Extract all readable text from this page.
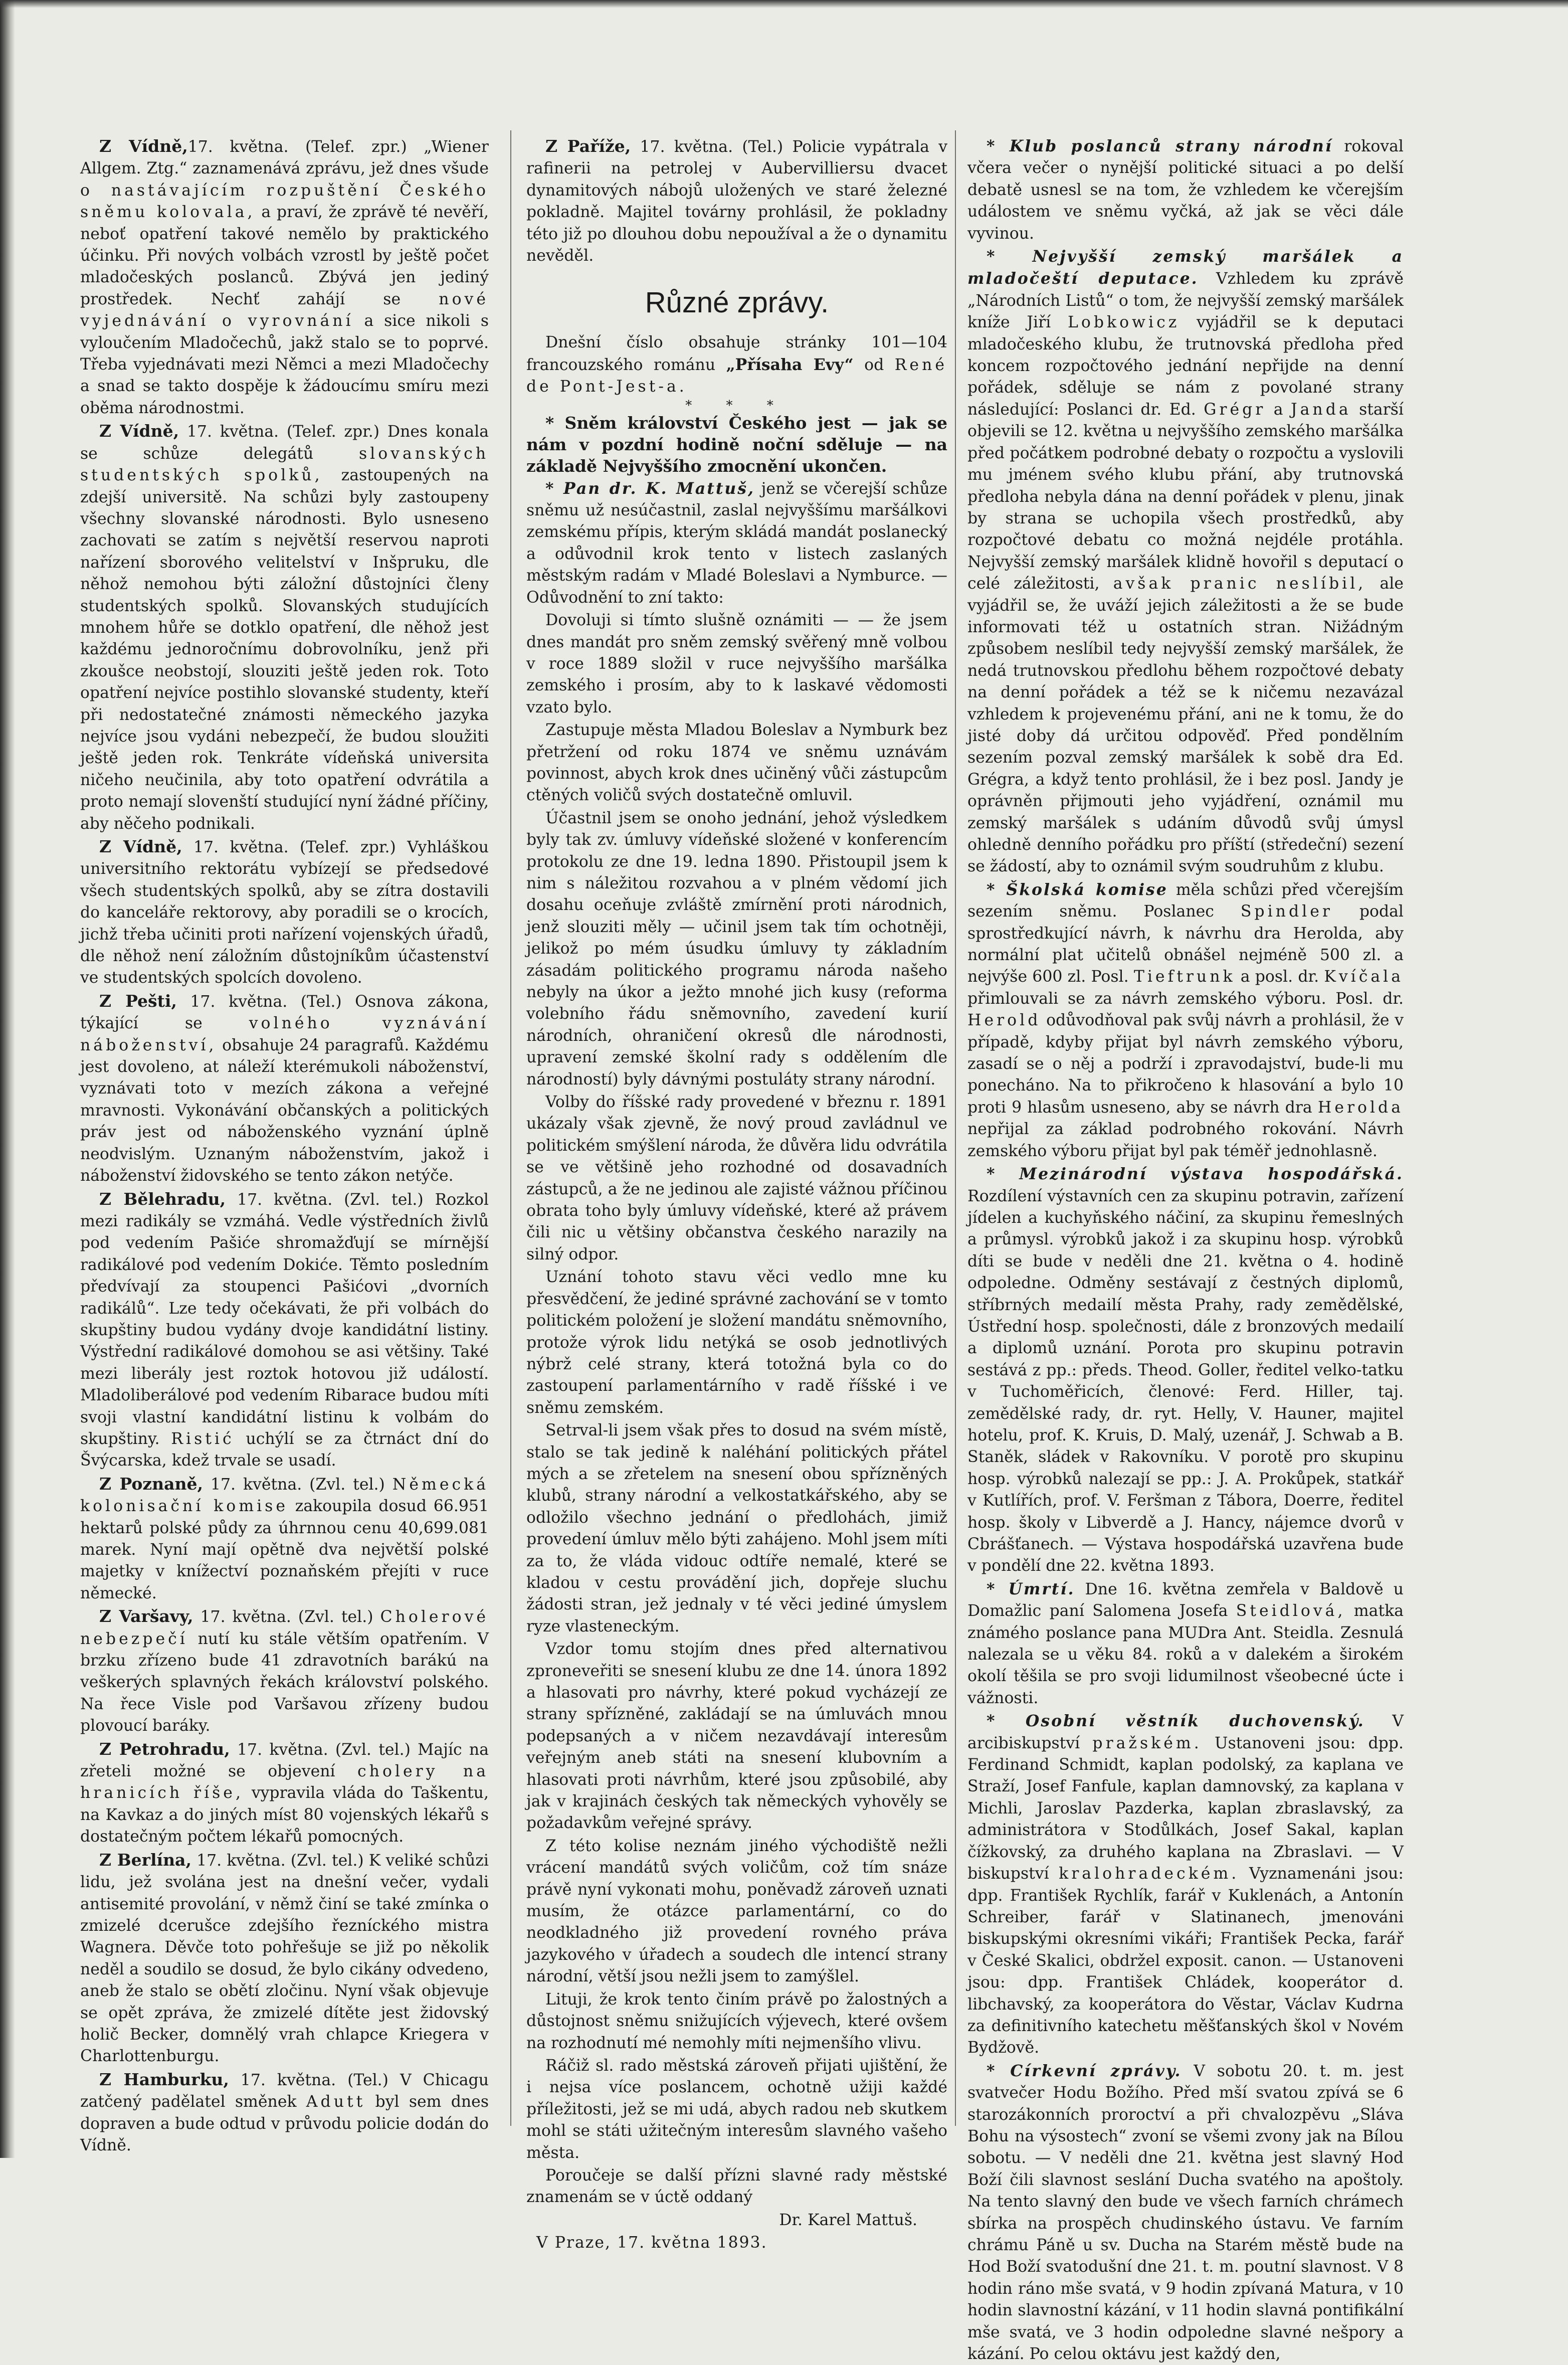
Z Vídně,17. května. (Telef. zpr.) „Wiener Allgem. Ztg.“ zaznamenává zprávu, jež dnes všude o nastávajícím rozpuštění Českého sněmu kolovala, a praví, že zprávě té nevěří, neboť opatření takové nemělo by praktického účinku. Při nových volbách vzrostl by ještě počet mladočeských poslanců. Zbývá jen jediný prostředek. Nechť zahájí se nové vyjednávání o vyrovnání a sice nikoli s vyloučením Mladočechů, jakž stalo se to poprvé. Třeba vyjednávati mezi Němci a mezi Mladočechy a snad se takto dospěje k žádoucímu smíru mezi oběma národnostmi.

Z Vídně, 17. května. (Telef. zpr.) Dnes konala se schůze delegátů slovanských studentských spolků, zastoupených na zdejší universitě. Na schůzi byly zastoupeny všechny slovanské národnosti. Bylo usneseno zachovati se zatím s největší reservou naproti nařízení sborového velitelství v Inšpruku, dle něhož nemohou býti záložní důstojníci členy studentských spolků. Slovanských studujících mnohem hůře se dotklo opatření, dle něhož jest každému jednoročnímu dobrovolníku, jenž při zkoušce neobstojí, slouziti ještě jeden rok. Toto opatření nejvíce postihlo slovanské studenty, kteří při nedostatečné známosti německého jazyka nejvíce jsou vydáni nebezpečí, že budou sloužiti ještě jeden rok. Tenkráte vídeňská universita ničeho neučinila, aby toto opatření odvrátila a proto nemají slovenští studující nyní žádné příčiny, aby něčeho podnikali.

Z Vídně, 17. května. (Telef. zpr.) Vyhláškou universitního rektorátu vybízejí se předsedové všech studentských spolků, aby se zítra dostavili do kanceláře rektorovy, aby poradili se o krocích, jichž třeba učiniti proti nařízení vojenských úřadů, dle něhož není záložním důstojníkům účastenství ve studentských spolcích dovoleno.

Z Pešti, 17. května. (Tel.) Osnova zákona, týkající se volného vyznávání náboženství, obsahuje 24 paragrafů. Každému jest dovoleno, at náleží kterémukoli náboženství, vyznávati toto v mezích zákona a veřejné mravnosti. Vykonávání občanských a politických práv jest od náboženského vyznání úplně neodvislým. Uznaným náboženstvím, jakož i náboženství židovského se tento zákon netýče.

Z Bělehradu, 17. května. (Zvl. tel.) Rozkol mezi radikály se vzmáhá. Vedle výstředních živlů pod vedením Pašiće shromažďují se mírnější radikálové pod vedením Dokiće. Těmto posledním předvívají za stoupenci Pašićovi „dvorních radikálů“. Lze tedy očekávati, že při volbách do skupštiny budou vydány dvoje kandidátní listiny. Výstřední radikálové domohou se asi většiny. Také mezi liberály jest roztok hotovou již událostí. Mladoliberálové pod vedením Ribarace budou míti svoji vlastní kandidátní listinu k volbám do skupštiny. Ristić uchýlí se za čtrnáct dní do Švýcarska, kdež trvale se usadí.

Z Poznaně, 17. května. (Zvl. tel.) Německá kolonisační komise zakoupila dosud 66.951 hektarů polské půdy za úhrnnou cenu 40,699.081 marek. Nyní mají opětně dva největší polské majetky v knížectví poznaňském přejíti v ruce německé.

Z Varšavy, 17. května. (Zvl. tel.) Cholerové nebezpečí nutí ku stále větším opatřením. V brzku zřízeno bude 41 zdravotních barákú na veškerých splavných řekách království polského. Na řece Visle pod Varšavou zřízeny budou plovoucí baráky.

Z Petrohradu, 17. května. (Zvl. tel.) Majíc na zřeteli možné se objevení cholery na hranicích říše, vypravila vláda do Taškentu, na Kavkaz a do jiných míst 80 vojenských lékařů s dostatečným počtem lékařů pomocných.

Z Berlína, 17. května. (Zvl. tel.) K veliké schůzi lidu, jež svolána jest na dnešní večer, vydali antisemité provolání, v němž činí se také zmínka o zmizelé dcerušce zdejšího řezníckého mistra Wagnera. Děvče toto pohřešuje se již po několik neděl a soudilo se dosud, že bylo cikány odvedeno, aneb že stalo se obětí zločinu. Nyní však objevuje se opět zpráva, že zmizelé dítěte jest židovský holič Becker, domnělý vrah chlapce Kriegera v Charlottenburgu.

Z Hamburku, 17. května. (Tel.) V Chicagu zatčený padělatel směnek Adutt byl sem dnes dopraven a bude odtud v průvodu policie dodán do Vídně.

Z Paříže, 17. května. (Tel.) Policie vypátrala v rafinerii na petrolej v Aubervilliersu dvacet dynamitových nábojů uložených ve staré železné pokladně. Majitel továrny prohlásil, že pokladny této již po dlouhou dobu nepoužíval a že o dynamitu nevěděl.

Různé zprávy.

Dnešní číslo obsahuje stránky 101—104 francouzského románu „Přísaha Evy“ od René de Pont-Jest-a.

* * *

* Sněm království Českého jest — jak se nám v pozdní hodině noční sděluje — na základě Nejvyššího zmocnění ukončen.

* Pan dr. K. Mattuš, jenž se včerejší schůze sněmu už nesúčastnil, zaslal nejvyššímu maršálkovi zemskému přípis, kterým skládá mandát poslanecký a odůvodnil krok tento v listech zaslaných městským radám v Mladé Boleslavi a Nymburce. — Odůvodnění to zní takto:

Dovoluji si tímto slušně oznámiti — — že jsem dnes mandát pro sněm zemský svěřený mně volbou v roce 1889 složil v ruce nejvyššího maršálka zemského i prosím, aby to k laskavé vědomosti vzato bylo.

Zastupuje města Mladou Boleslav a Nymburk bez přetržení od roku 1874 ve sněmu uznávám povinnost, abych krok dnes učiněný vůči zástupcům ctěných voličů svých dostatečně omluvil.

Účastnil jsem se onoho jednání, jehož výsledkem byly tak zv. úmluvy vídeňské složené v konferencím protokolu ze dne 19. ledna 1890. Přistoupil jsem k nim s náležitou rozvahou a v plném vědomí jich dosahu oceňuje zvláště zmírnění proti národnich, jenž slouziti měly — učinil jsem tak tím ochotněji, jelikož po mém úsudku úmluvy ty základním zásadám politického programu národa našeho nebyly na úkor a ježto mnohé jich kusy (reforma volebního řádu sněmovního, zavedení kurií národních, ohraničení okresů dle národnosti, upravení zemské školní rady s oddělením dle národností) byly dávnými postuláty strany národní.

Volby do říšské rady provedené v březnu r. 1891 ukázaly však zjevně, že nový proud zavládnul ve politickém smýšlení národa, že důvěra lidu odvrátila se ve většině jeho rozhodné od dosavadních zástupců, a že ne jedinou ale zajisté vážnou příčinou obrata toho byly úmluvy vídeňské, které až právem čili nic u většiny občanstva českého narazily na silný odpor.

Uznání tohoto stavu věci vedlo mne ku přesvědčení, že jediné správné zachování se v tomto politickém položení je složení mandátu sněmovního, protože výrok lidu netýká se osob jednotlivých nýbrž celé strany, která totožná byla co do zastoupení parlamentárního v radě říšské i ve sněmu zemském.

Setrval-li jsem však přes to dosud na svém místě, stalo se tak jedině k naléhání politických přátel mých a se zřetelem na snesení obou spřízněných klubů, strany národní a velkostatkářského, aby se odložilo všechno jednání o předlohách, jimiž provedení úmluv mělo býti zahájeno. Mohl jsem míti za to, že vláda vidouc odtíře nemalé, které se kladou v cestu provádění jich, dopřeje sluchu žádosti stran, jež jednaly v té věci jediné úmyslem ryze vlasteneckým.

Vzdor tomu stojím dnes před alternativou zproneveřiti se snesení klubu ze dne 14. února 1892 a hlasovati pro návrhy, které pokud vycházejí ze strany spřízněné, zakládají se na úmluvách mnou podepsaných a v ničem nezavdávají interesům veřejným aneb státi na snesení klubovním a hlasovati proti návrhům, které jsou způsobilé, aby jak v krajinách českých tak německých vyhověly se požadavkům veřejné správy.

Z této kolise neznám jiného východiště nežli vrácení mandátů svých voličům, což tím snáze právě nyní vykonati mohu, poněvadž zároveň uznati musím, že otázce parlamentární, co do neodkladného již provedení rovného práva jazykového v úřadech a soudech dle intencí strany národní, větší jsou nežli jsem to zamýšlel.

Lituji, že krok tento činím právě po žalostných a důstojnost sněmu snižujících výjevech, které ovšem na rozhodnutí mé nemohly míti nejmenšího vlivu.

Ráčiž sl. rado městská zároveň přijati ujištění, že i nejsa více poslancem, ochotně užiji každé příležitosti, jež se mi udá, abych radou neb skutkem mohl se státi užitečným interesům slavného vašeho města.

Poroučeje se další přízni slavné rady městské znamenám se v úctě oddaný

Dr. Karel Mattuš.

V Praze, 17. května 1893.

* Klub poslanců strany národní rokoval včera večer o nynější politické situaci a po delší debatě usnesl se na tom, že vzhledem ke včerejším událostem ve sněmu vyčká, až jak se věci dále vyvinou.

* Nejvyšší zemský maršálek a mladočeští deputace. Vzhledem ku zprávě „Národních Listů“ o tom, že nejvyšší zemský maršálek kníže Jiří Lobkowicz vyjádřil se k deputaci mladočeského klubu, že trutnovská předloha před koncem rozpočtového jednání nepřijde na denní pořádek, sděluje se nám z povolané strany následující: Poslanci dr. Ed. Grégr a Janda starší objevili se 12. května u nejvyššího zemského maršálka před počátkem podrobné debaty o rozpočtu a vyslovili mu jménem svého klubu přání, aby trutnovská předloha nebyla dána na denní pořádek v plenu, jinak by strana se uchopila všech prostředků, aby rozpočtové debatu co možná nejdéle protáhla. Nejvyšší zemský maršálek klidně hovořil s deputací o celé záležitosti, avšak pranic neslíbil, ale vyjádřil se, že uváží jejich záležitosti a že se bude informovati též u ostatních stran. Nižádným způsobem neslíbil tedy nejvyšší zemský maršálek, že nedá trutnovskou předlohu během rozpočtové debaty na denní pořádek a též se k ničemu nezavázal vzhledem k projevenému přání, ani ne k tomu, že do jisté doby dá určitou odpověď. Před pondělním sezením pozval zemský maršálek k sobě dra Ed. Grégra, a když tento prohlásil, že i bez posl. Jandy je oprávněn přijmouti jeho vyjádření, oznámil mu zemský maršálek s udáním důvodů svůj úmysl ohledně denního pořádku pro příští (středeční) sezení se žádostí, aby to oznámil svým soudruhům z klubu.

* Školská komise měla schůzi před včerejším sezením sněmu. Poslanec Spindler podal sprostředkující návrh, k návrhu dra Herolda, aby normální plat učitelů obnášel nejméně 500 zl. a nejvýše 600 zl. Posl. Tieftrunk a posl. dr. Kvíčala přimlouvali se za návrh zemského výboru. Posl. dr. Herold odůvodňoval pak svůj návrh a prohlásil, že v případě, kdyby přijat byl návrh zemského výboru, zasadí se o něj a podrží i zpravodajství, bude-li mu ponecháno. Na to přikročeno k hlasování a bylo 10 proti 9 hlasům usneseno, aby se návrh dra Herolda nepřijal za základ podrobného rokování. Návrh zemského výboru přijat byl pak téměř jednohlasně.

* Mezinárodní výstava hospodářská. Rozdílení výstavních cen za skupinu potravin, zařízení jídelen a kuchyňského náčiní, za skupinu řemeslných a průmysl. výrobků jakož i za skupinu hosp. výrobků díti se bude v neděli dne 21. května o 4. hodině odpoledne. Odměny sestávají z čestných diplomů, stříbrných medailí města Prahy, rady zemědělské, Ústřední hosp. společnosti, dále z bronzových medailí a diplomů uznání. Porota pro skupinu potravin sestává z pp.: předs. Theod. Goller, ředitel velko-tatku v Tuchoměřicích, členové: Ferd. Hiller, taj. zemědělské rady, dr. ryt. Helly, V. Hauner, majitel hotelu, prof. K. Kruis, D. Malý, uzenář, J. Schwab a B. Staněk, sládek v Rakovníku. V porotě pro skupinu hosp. výrobků nalezají se pp.: J. A. Prokůpek, statkář v Kutlířích, prof. V. Feršman z Tábora, Doerre, ředitel hosp. školy v Libverdě a J. Hancy, nájemce dvorů v Cbrášťanech. — Výstava hospodářská uzavřena bude v pondělí dne 22. května 1893.

* Úmrtí. Dne 16. května zemřela v Baldově u Domažlic paní Salomena Josefa Steidlová, matka známého poslance pana MUDra Ant. Steidla. Zesnulá nalezala se u věku 84. roků a v dalekém a širokém okolí těšila se pro svoji lidumilnost všeobecné úcte i vážnosti.

* Osobní věstník duchovenský. V arcibiskupství pražském. Ustanoveni jsou: dpp. Ferdinand Schmidt, kaplan podolský, za kaplana ve Straží, Josef Fanfule, kaplan damnovský, za kaplana v Michli, Jaroslav Pazderka, kaplan zbraslavský, za administrátora v Stodůlkách, Josef Sakal, kaplan čížkovský, za druhého kaplana na Zbraslavi. — V biskupství kralohradeckém. Vyznamenáni jsou: dpp. František Rychlík, farář v Kuklenách, a Antonín Schreiber, farář v Slatinanech, jmenováni biskupskými okresními vikáři; František Pecka, farář v České Skalici, obdržel exposit. canon. — Ustanoveni jsou: dpp. František Chládek, kooperátor d. libchavský, za kooperátora do Věstar, Václav Kudrna za definitivního katechetu měšťanských škol v Novém Bydžově.

* Církevní zprávy. V sobotu 20. t. m. jest svatvečer Hodu Božího. Před mší svatou zpívá se 6 starozákonních proroctví a při chvalozpěvu „Sláva Bohu na výsostech“ zvoní se všemi zvony jak na Bílou sobotu. — V neděli dne 21. května jest slavný Hod Boží čili slavnost seslání Ducha svatého na apoštoly. Na tento slavný den bude ve všech farních chrámech sbírka na prospěch chudinského ústavu. Ve farním chrámu Páně u sv. Ducha na Starém městě bude na Hod Boží svatodušní dne 21. t. m. poutní slavnost. V 8 hodin ráno mše svatá, v 9 hodin zpívaná Matura, v 10 hodin slavnostní kázání, v 11 hodin slavná pontifikální mše svatá, ve 3 hodin odpoledne slavné nešpory a kázání. Po celou oktávu jest každý den,
